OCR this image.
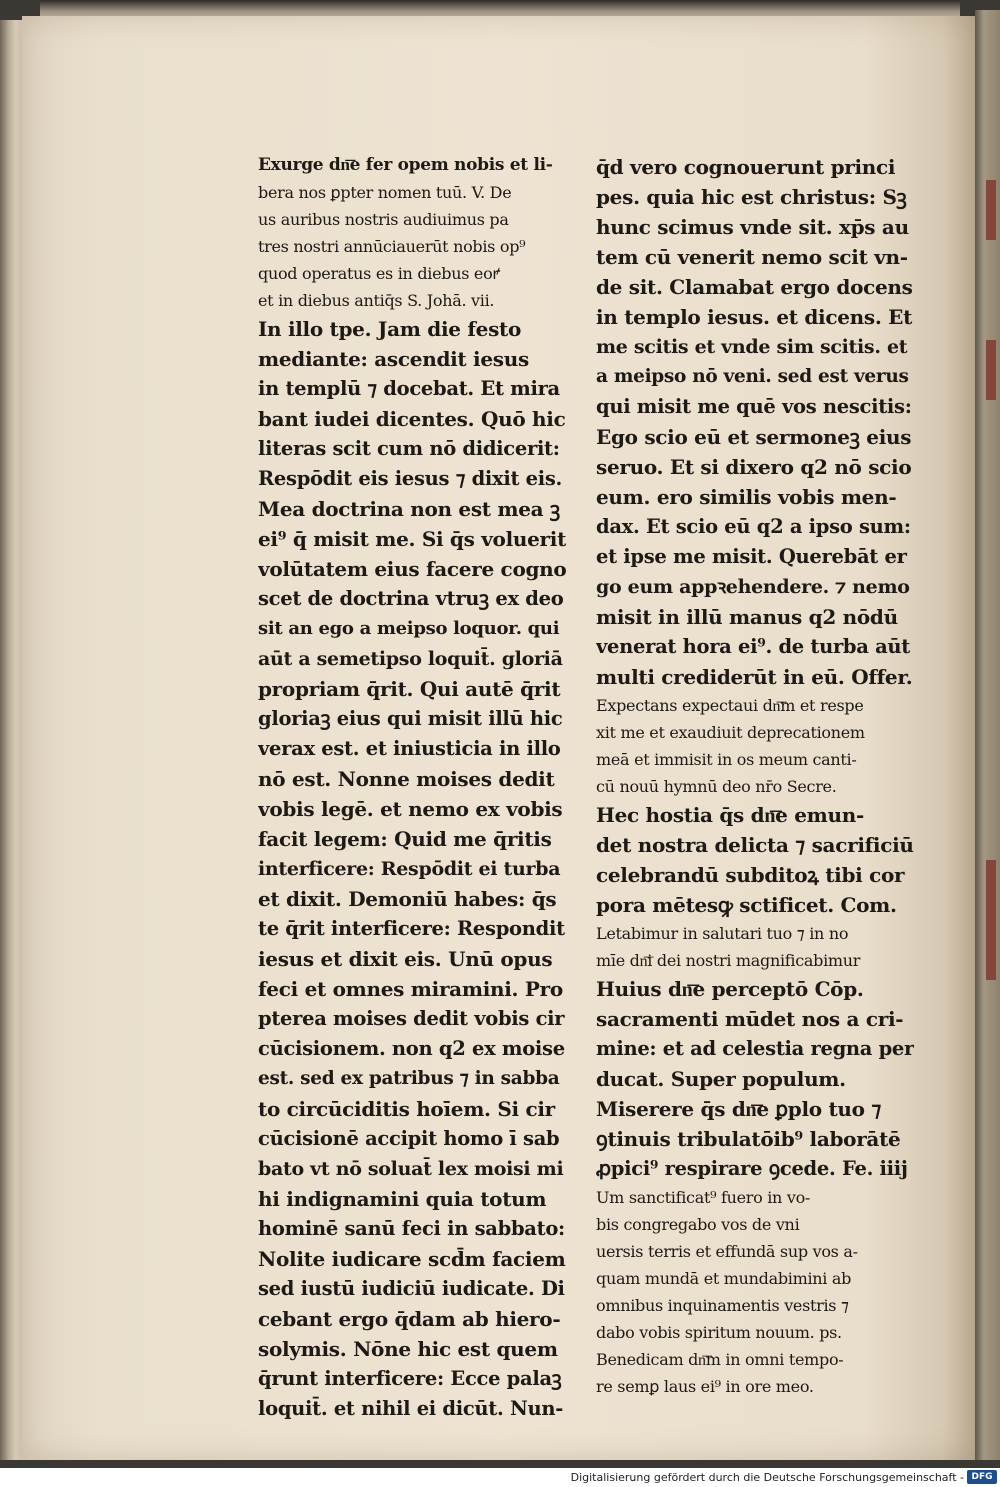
Exurge dn͞e fer opem nobis et li-
bera nos ꝑpter nomen tuū. V. De
us auribus nostris audiuimus pa
tres nostri annūciauerūt nobis op⁹
quod operatus es in diebus eoꝵ
et in diebus antiq̄s S. Johā. vii.
In illo tpe. Jam die festo
mediante: ascendit iesus
in templū ⁊ docebat. Et mira
bant iudei dicentes. Quō hic
literas scit cum nō didicerit:
Respōdit eis iesus ⁊ dixit eis.
Mea doctrina non est mea ꝫ
ei⁹ q̄ misit me. Si q̄s voluerit
volūtatem eius facere cogno
scet de doctrina vtruꝫ ex deo
sit an ego a meipso loquor. qui
aūt a semetipso loquit̄. gloriā
propriam q̄rit. Qui autē q̄rit
gloriaꝫ eius qui misit illū hic
verax est. et iniusticia in illo
nō est. Nonne moises dedit
vobis legē. et nemo ex vobis
facit legem: Quid me q̄ritis
interficere: Respōdit ei turba
et dixit. Demoniū habes: q̄s
te q̄rit interficere: Respondit
iesus et dixit eis. Unū opus
feci et omnes miramini. Pro
pterea moises dedit vobis cir
cūcisionem. non q2 ex moise
est. sed ex patribus ⁊ in sabba
to circūciditis hoīem. Si cir
cūcisionē accipit homo ī sab
bato vt nō soluat̄ lex moisi mi
hi indignamini quia totum
hominē sanū feci in sabbato:
Nolite iudicare scd̄m faciem
sed iustū iudiciū iudicate. Di
cebant ergo q̄dam ab hiero-
solymis. Nōne hic est quem
q̄runt interficere: Ecce palaꝫ
loquit̄. et nihil ei dicūt. Nun-
q̄d vero cognouerunt princi
pes. quia hic est christus: Sꝫ
hunc scimus vnde sit. xp̄s au
tem cū venerit nemo scit vn-
de sit. Clamabat ergo docens
in templo iesus. et dicens. Et
me scitis et vnde sim scitis. et
a meipso nō veni. sed est verus
qui misit me quē vos nescitis:
Ego scio eū et sermoneꝫ eius
seruo. Et si dixero q2 nō scio
eum. ero similis vobis men-
dax. Et scio eū q2 a ipso sum:
et ipse me misit. Querebāt er
go eum appꝛehendere. ⁊ nemo
misit in illū manus q2 nōdū
venerat hora ei⁹. de turba aūt
multi crediderūt in eū. Offer.
Expectans expectaui dn͞m et respe
xit me et exaudiuit deprecationem
meā et immisit in os meum canti-
cū nouū hymnū deo nr̄o Secre.
Hec hostia q̄s dn͞e emun-
det nostra delicta ⁊ sacrificiū
celebrandū subditoꝝ tibi cor
pora mētesꝙ sctificet. Com.
Letabimur in salutari tuo ⁊ in no
mīe dn͞i dei nostri magnificabimur
Huius dn͞e perceptō Cōp.
sacramenti mūdet nos a cri-
mine: et ad celestia regna per
ducat. Super populum.
Miserere q̄s dn͞e ꝑplo tuo ⁊
ꝯtinuis tribulatōib⁹ laborātē
ꝓpici⁹ respirare ꝯcede. Fe. iiij
Um sanctificat⁹ fuero in vo-
bis congregabo vos de vni
uersis terris et effundā sup vos a-
quam mundā et mundabimini ab
omnibus inquinamentis vestris ⁊
dabo vobis spiritum nouum. ps.
Benedicam dn͞m in omni tempo-
re semꝑ laus ei⁹ in ore meo.
Digitalisierung gefördert durch die Deutsche Forschungsgemeinschaft - DFG
